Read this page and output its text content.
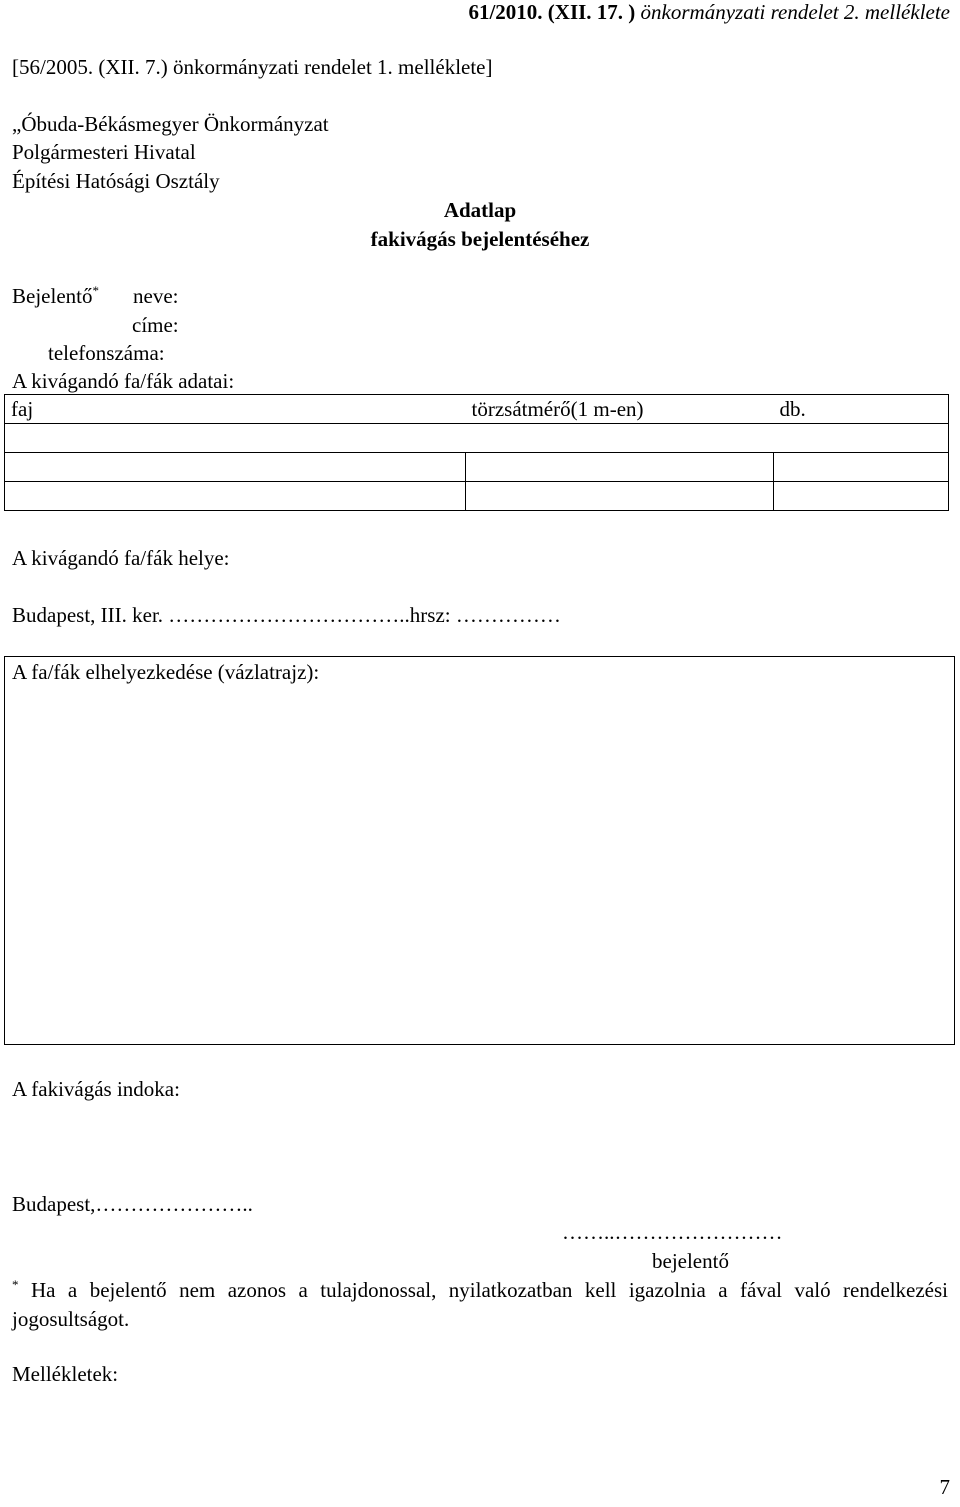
61/2010. (XII. 17. ) önkormányzati rendelet 2. melléklete
[56/2005. (XII. 7.) önkormányzati rendelet 1. melléklete]
„Óbuda-Békásmegyer Önkormányzat
Polgármesteri Hivatal
Építési Hatósági Osztály
Adatlap
fakivágás bejelentéséhez
Bejelentő* neve:
címe:
telefonszáma:
A kivágandó fa/fák adatai:
faj	törzsátmérő(1 m-en)	db.

A kivágandó fa/fák helye:
Budapest, III. ker. ……………………………..hrsz: ……………
A fa/fák elhelyezkedése (vázlatrajz):
A fakivágás indoka:
Budapest,…………………..
……..……………………
bejelentő
* Ha a bejelentő nem azonos a tulajdonossal, nyilatkozatban kell igazolnia a fával való rendelkezési jogosultságot.
Mellékletek:
7
